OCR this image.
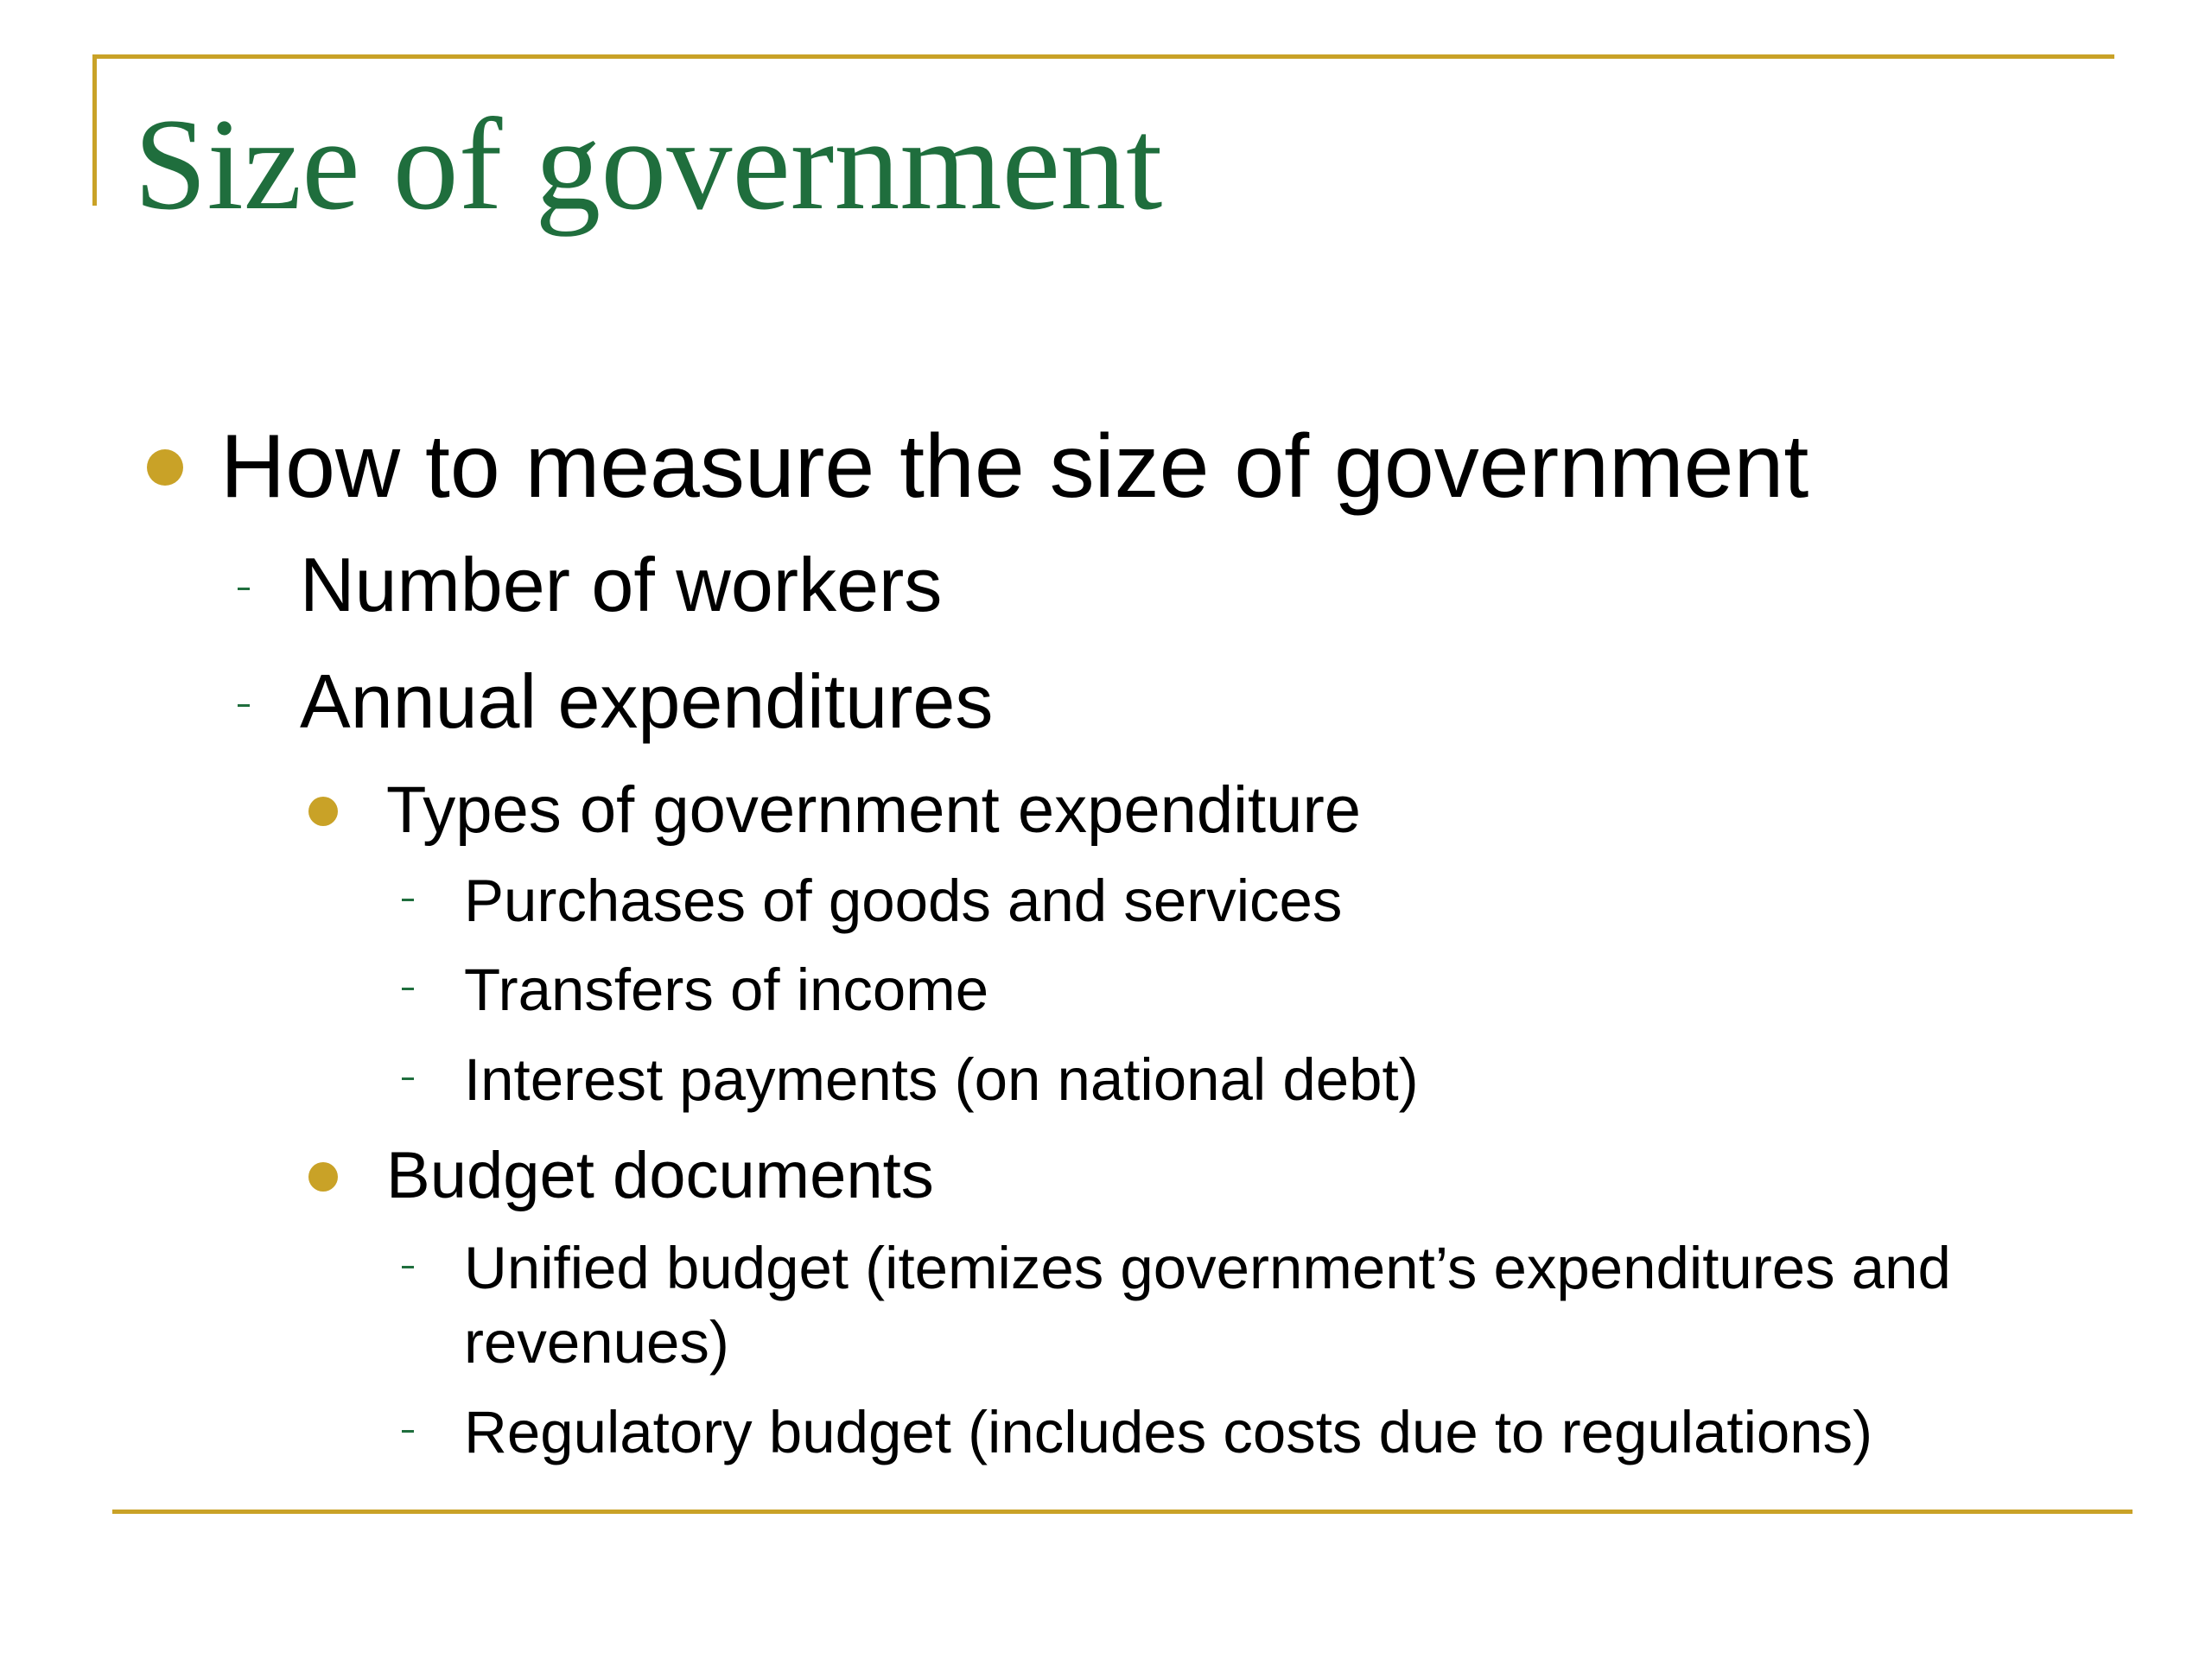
Size of government
How to measure the size of government
Number of workers
Annual expenditures
Types of government expenditure
Purchases of goods and services
Transfers of income
Interest payments (on national debt)
Budget documents
Unified budget (itemizes government’s expenditures and
revenues)
Regulatory budget (includes costs due to regulations)
